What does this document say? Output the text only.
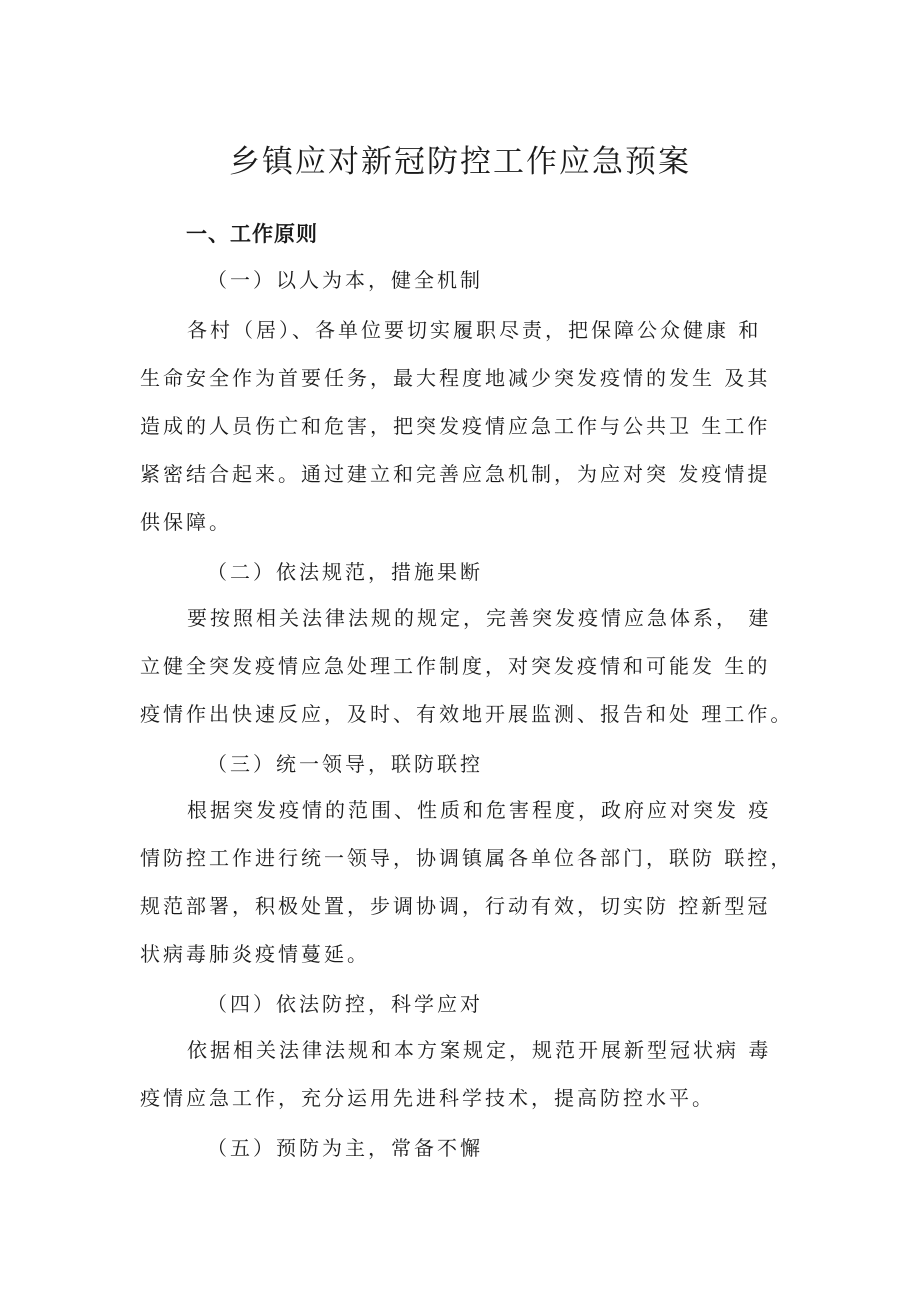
乡镇应对新冠防控工作应急预案
一、工作原则
（一）以人为本，健全机制
各村（居）、各单位要切实履职尽责，把保障公众健康 和
生命安全作为首要任务，最大程度地减少突发疫情的发生 及其
造成的人员伤亡和危害，把突发疫情应急工作与公共卫 生工作
紧密结合起来。通过建立和完善应急机制，为应对突 发疫情提
供保障。
（二）依法规范，措施果断
要按照相关法律法规的规定，完善突发疫情应急体系， 建
立健全突发疫情应急处理工作制度，对突发疫情和可能发 生的
疫情作出快速反应，及时、有效地开展监测、报告和处 理工作。
（三）统一领导，联防联控
根据突发疫情的范围、性质和危害程度，政府应对突发 疫
情防控工作进行统一领导，协调镇属各单位各部门，联防 联控，
规范部署，积极处置，步调协调，行动有效，切实防 控新型冠
状病毒肺炎疫情蔓延。
（四）依法防控，科学应对
依据相关法律法规和本方案规定，规范开展新型冠状病 毒
疫情应急工作，充分运用先进科学技术，提高防控水平。
（五）预防为主，常备不懈
